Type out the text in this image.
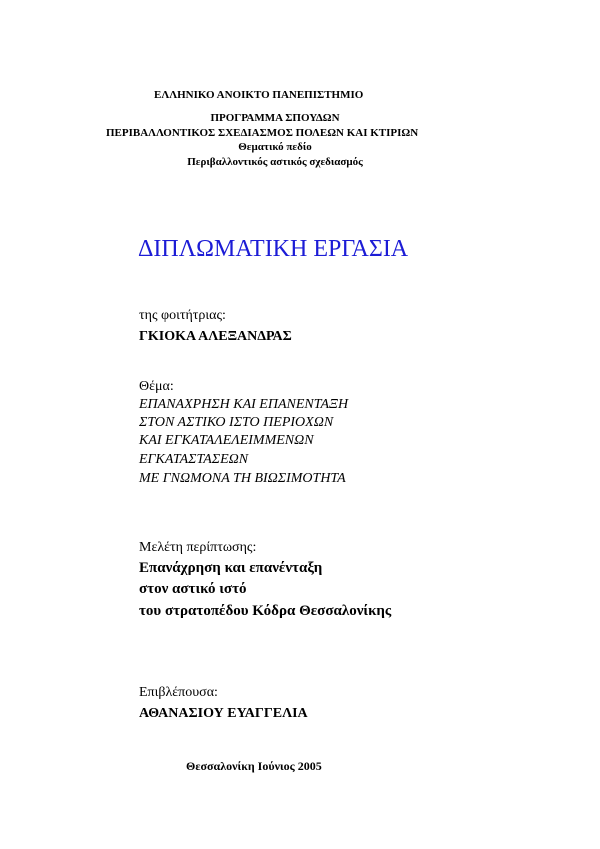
ΕΛΛΗΝΙΚΟ ΑΝΟΙΚΤΟ ΠΑΝΕΠΙΣΤΗΜΙΟ
ΠΡΟΓΡΑΜΜΑ ΣΠΟΥΔΩΝ
ΠΕΡΙΒΑΛΛΟΝΤΙΚΟΣ ΣΧΕΔΙΑΣΜΟΣ ΠΟΛΕΩΝ ΚΑΙ ΚΤΙΡΙΩΝ
Θεματικό πεδίο
Περιβαλλοντικός αστικός σχεδιασμός
ΔΙΠΛΩΜΑΤΙΚΗ ΕΡΓΑΣΙΑ
της φοιτήτριας:
ΓΚΙΟΚΑ ΑΛΕΞΑΝΔΡΑΣ
Θέμα:
ΕΠΑΝΑΧΡΗΣΗ ΚΑΙ ΕΠΑΝΕΝΤΑΞΗ
ΣΤΟΝ ΑΣΤΙΚΟ ΙΣΤΟ ΠΕΡΙΟΧΩΝ
ΚΑΙ ΕΓΚΑΤΑΛΕΛΕΙΜΜΕΝΩΝ
ΕΓΚΑΤΑΣΤΑΣΕΩΝ
ΜΕ ΓΝΩΜΟΝΑ ΤΗ ΒΙΩΣΙΜΟΤΗΤΑ
Μελέτη περίπτωσης:
Επανάχρηση και επανένταξη
στον αστικό ιστό
του στρατοπέδου Κόδρα Θεσσαλονίκης
Επιβλέπουσα:
ΑΘΑΝΑΣΙΟΥ ΕΥΑΓΓΕΛΙΑ
Θεσσαλονίκη Ιούνιος 2005
